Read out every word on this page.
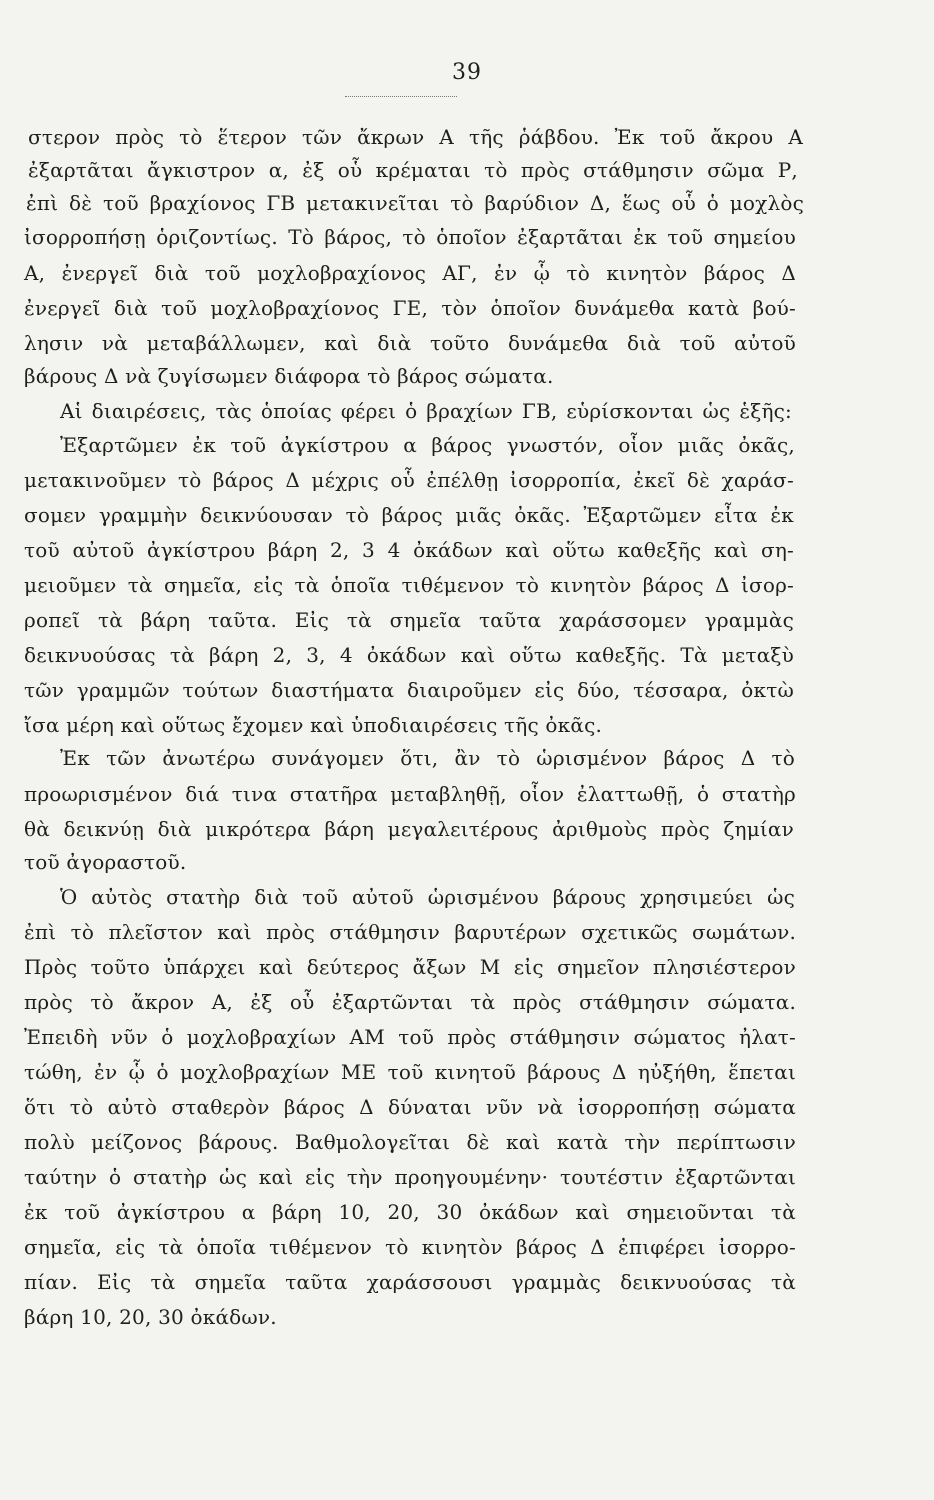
39
στερον πρὸς τὸ ἕτερον τῶν ἄκρων Α τῆς ῥάβδου. Ἐκ τοῦ ἄκρου Α
ἐξαρτᾶται ἄγκιστρον α, ἐξ οὗ κρέμαται τὸ πρὸς στάθμησιν σῶμα Ρ,
ἐπὶ δὲ τοῦ βραχίονος ΓΒ μετακινεῖται τὸ βαρύδιον Δ, ἕως οὗ ὁ μοχλὸς
ἰσορροπήσῃ ὁριζοντίως. Τὸ βάρος, τὸ ὁποῖον ἐξαρτᾶται ἐκ τοῦ σημείου
Α, ἐνεργεῖ διὰ τοῦ μοχλοβραχίονος ΑΓ, ἐν ᾧ τὸ κινητὸν βάρος Δ
ἐνεργεῖ διὰ τοῦ μοχλοβραχίονος ΓΕ, τὸν ὁποῖον δυνάμεθα κατὰ βού-
λησιν νὰ μεταβάλλωμεν, καὶ διὰ τοῦτο δυνάμεθα διὰ τοῦ αὐτοῦ
βάρους Δ νὰ ζυγίσωμεν διάφορα τὸ βάρος σώματα.
Αἱ διαιρέσεις, τὰς ὁποίας φέρει ὁ βραχίων ΓΒ, εὑρίσκονται ὡς ἑξῆς:
Ἐξαρτῶμεν ἐκ τοῦ ἀγκίστρου α βάρος γνωστόν, οἷον μιᾶς ὀκᾶς,
μετακινοῦμεν τὸ βάρος Δ μέχρις οὗ ἐπέλθῃ ἰσορροπία, ἐκεῖ δὲ χαράσ-
σομεν γραμμὴν δεικνύουσαν τὸ βάρος μιᾶς ὀκᾶς. Ἐξαρτῶμεν εἶτα ἐκ
τοῦ αὐτοῦ ἀγκίστρου βάρη 2, 3 4 ὀκάδων καὶ οὕτω καθεξῆς καὶ ση-
μειοῦμεν τὰ σημεῖα, εἰς τὰ ὁποῖα τιθέμενον τὸ κινητὸν βάρος Δ ἰσορ-
ροπεῖ τὰ βάρη ταῦτα. Εἰς τὰ σημεῖα ταῦτα χαράσσομεν γραμμὰς
δεικνυούσας τὰ βάρη 2, 3, 4 ὀκάδων καὶ οὕτω καθεξῆς. Τὰ μεταξὺ
τῶν γραμμῶν τούτων διαστήματα διαιροῦμεν εἰς δύο, τέσσαρα, ὀκτὼ
ἴσα μέρη καὶ οὕτως ἔχομεν καὶ ὑποδιαιρέσεις τῆς ὀκᾶς.
Ἐκ τῶν ἀνωτέρω συνάγομεν ὅτι, ἂν τὸ ὡρισμένον βάρος Δ τὸ
προωρισμένον διά τινα στατῆρα μεταβληθῇ, οἷον ἐλαττωθῇ, ὁ στατὴρ
θὰ δεικνύῃ διὰ μικρότερα βάρη μεγαλειτέρους ἀριθμοὺς πρὸς ζημίαν
τοῦ ἀγοραστοῦ.
Ὁ αὐτὸς στατὴρ διὰ τοῦ αὐτοῦ ὡρισμένου βάρους χρησιμεύει ὡς
ἐπὶ τὸ πλεῖστον καὶ πρὸς στάθμησιν βαρυτέρων σχετικῶς σωμάτων.
Πρὸς τοῦτο ὑπάρχει καὶ δεύτερος ἄξων Μ εἰς σημεῖον πλησιέστερον
πρὸς τὸ ἄκρον Α, ἐξ οὗ ἐξαρτῶνται τὰ πρὸς στάθμησιν σώματα.
Ἐπειδὴ νῦν ὁ μοχλοβραχίων ΑΜ τοῦ πρὸς στάθμησιν σώματος ἠλατ-
τώθη, ἐν ᾧ ὁ μοχλοβραχίων ΜΕ τοῦ κινητοῦ βάρους Δ ηὐξήθη, ἕπεται
ὅτι τὸ αὐτὸ σταθερὸν βάρος Δ δύναται νῦν νὰ ἰσορροπήσῃ σώματα
πολὺ μείζονος βάρους. Βαθμολογεῖται δὲ καὶ κατὰ τὴν περίπτωσιν
ταύτην ὁ στατὴρ ὡς καὶ εἰς τὴν προηγουμένην· τουτέστιν ἐξαρτῶνται
ἐκ τοῦ ἀγκίστρου α βάρη 10, 20, 30 ὀκάδων καὶ σημειοῦνται τὰ
σημεῖα, εἰς τὰ ὁποῖα τιθέμενον τὸ κινητὸν βάρος Δ ἐπιφέρει ἰσορρο-
πίαν. Εἰς τὰ σημεῖα ταῦτα χαράσσουσι γραμμὰς δεικνυούσας τὰ
βάρη 10, 20, 30 ὀκάδων.
